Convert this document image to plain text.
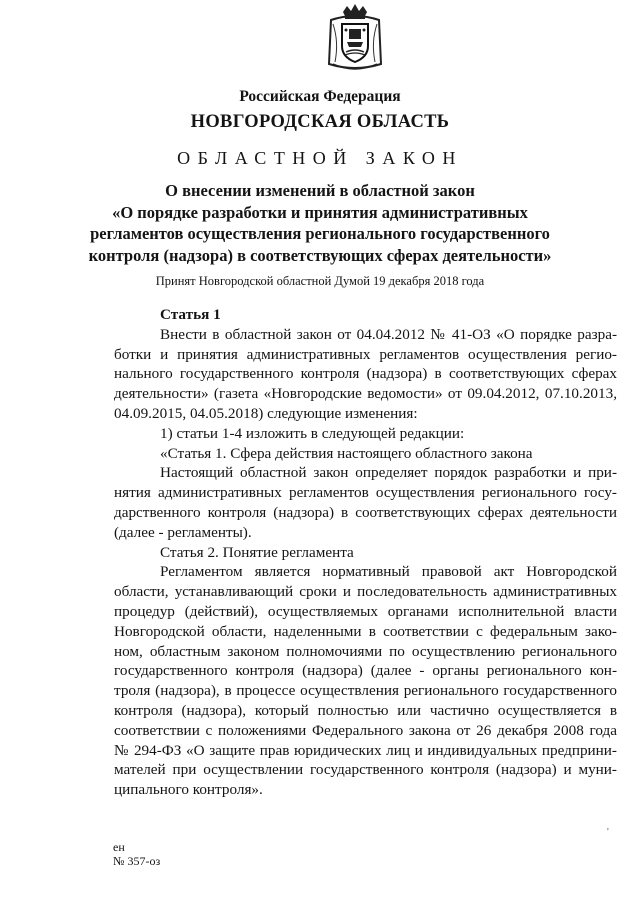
Российская Федерация
НОВГОРОДСКАЯ ОБЛАСТЬ
ОБЛАСТНОЙ ЗАКОН
О внесении изменений в областной закон
«О порядке разработки и принятия административных
регламентов осуществления регионального государственного
контроля (надзора) в соответствующих сферах деятельности»
Принят Новгородской областной Думой 19 декабря 2018 года
Статья 1
Внести в областной закон от 04.04.2012 № 41-ОЗ «О порядке разра-
ботки и принятия административных регламентов осуществления регио-
нального государственного контроля (надзора) в соответствующих сферах
деятельности» (газета «Новгородские ведомости» от 09.04.2012, 07.10.2013,
04.09.2015, 04.05.2018) следующие изменения:
1) статьи 1-4 изложить в следующей редакции:
«Статья 1. Сфера действия настоящего областного закона
Настоящий областной закон определяет порядок разработки и при-
нятия административных регламентов осуществления регионального госу-
дарственного контроля (надзора) в соответствующих сферах деятельности
(далее - регламенты).
Статья 2. Понятие регламента
Регламентом является нормативный правовой акт Новгородской
области, устанавливающий сроки и последовательность административных
процедур (действий), осуществляемых органами исполнительной власти
Новгородской области, наделенными в соответствии с федеральным зако-
ном, областным законом полномочиями по осуществлению регионального
государственного контроля (надзора) (далее - органы регионального кон-
троля (надзора), в процессе осуществления регионального государственного
контроля (надзора), который полностью или частично осуществляется в
соответствии с положениями Федерального закона от 26 декабря 2008 года
№ 294-ФЗ «О защите прав юридических лиц и индивидуальных предприни-
мателей при осуществлении государственного контроля (надзора) и муни-
ципального контроля».
ен
№ 357-оз
'
